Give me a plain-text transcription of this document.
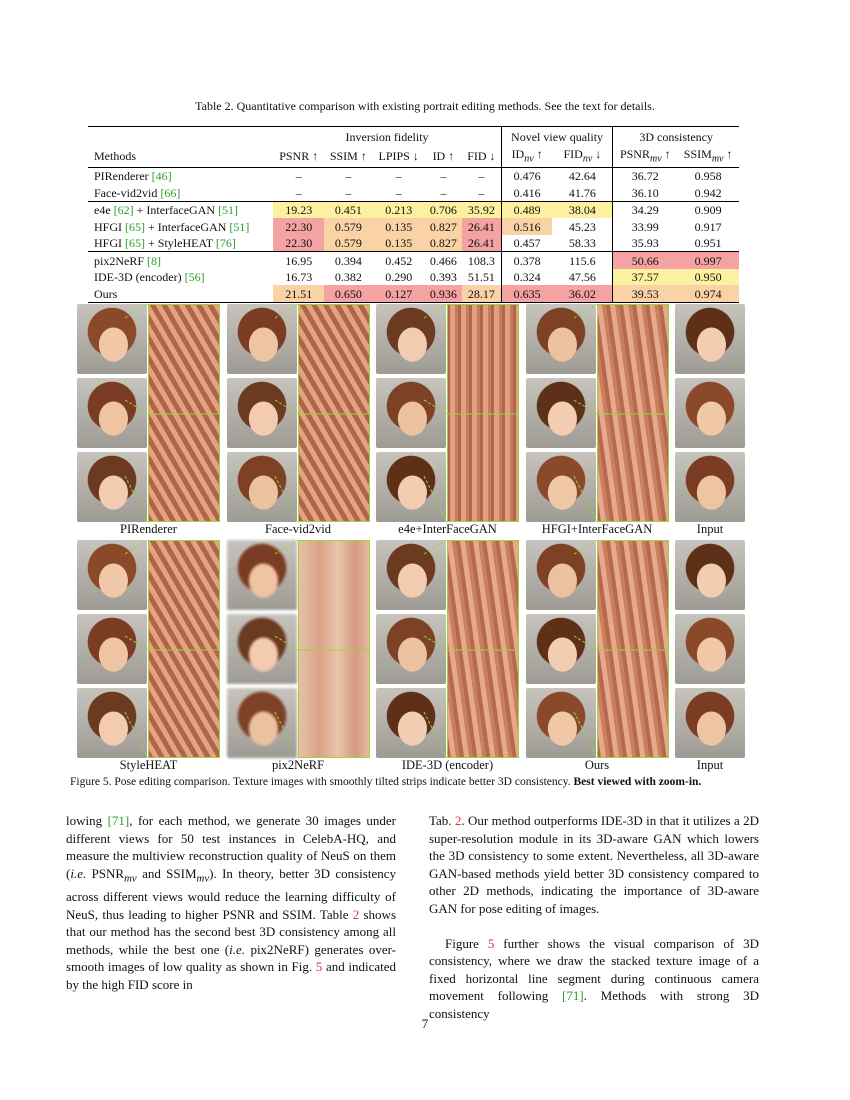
Table 2. Quantitative comparison with existing portrait editing methods. See the text for details.
	Inversion fidelity					Novel view quality		3D consistency	
Methods	PSNR ↑	SSIM ↑	LPIPS ↓	ID ↑	FID ↓	$ID_{nv}$ ↑	$FID_{nv}$ ↓	$PSNR_{mv}$ ↑	$SSIM_{mv}$ ↑
PIRenderer [46]	–	–	–	–	–	0.476	42.64	36.72	0.958
Face-vid2vid [66]	–	–	–	–	–	0.416	41.76	36.10	0.942
e4e [62] + InterfaceGAN [51]	19.23	0.451	0.213	0.706	35.92	0.489	38.04	34.29	0.909
HFGI [65] + InterfaceGAN [51]	22.30	0.579	0.135	0.827	26.41	0.516	45.23	33.99	0.917
HFGI [65] + StyleHEAT [76]	22.30	0.579	0.135	0.827	26.41	0.457	58.33	35.93	0.951
pix2NeRF [8]	16.95	0.394	0.452	0.466	108.3	0.378	115.6	50.66	0.997
IDE-3D (encoder) [56]	16.73	0.382	0.290	0.393	51.51	0.324	47.56	37.57	0.950
Ours	21.51	0.650	0.127	0.936	28.17	0.635	36.02	39.53	0.974
PIRenderer	Face-vid2vid	e4e+InterFaceGAN	HFGI+InterFaceGAN	Input
StyleHEAT	pix2NeRF	IDE-3D (encoder)	Ours	Input
Figure 5. Pose editing comparison. Texture images with smoothly tilted strips indicate better 3D consistency. Best viewed with zoom-in.

lowing [71], for each method, we generate 30 images under different views for 50 test instances in CelebA-HQ, and measure the multiview reconstruction quality of NeuS on them (i.e. $PSNR_{mv}$ and $SSIM_{mv}$). In theory, better 3D consistency across different views would reduce the learning difficulty of NeuS, thus leading to higher PSNR and SSIM. Table 2 shows that our method has the second best 3D consistency among all methods, while the best one (i.e. pix2NeRF) generates over-smooth images of low quality as shown in Fig. 5 and indicated by the high FID score in

Tab. 2. Our method outperforms IDE-3D in that it utilizes a 2D super-resolution module in its 3D-aware GAN which lowers the 3D consistency to some extent. Nevertheless, all 3D-aware GAN-based methods yield better 3D consistency compared to other 2D methods, indicating the importance of 3D-aware GAN for pose editing of images.

Figure 5 further shows the visual comparison of 3D consistency, where we draw the stacked texture image of a fixed horizontal line segment during continuous camera movement following [71]. Methods with strong 3D consistency

7
